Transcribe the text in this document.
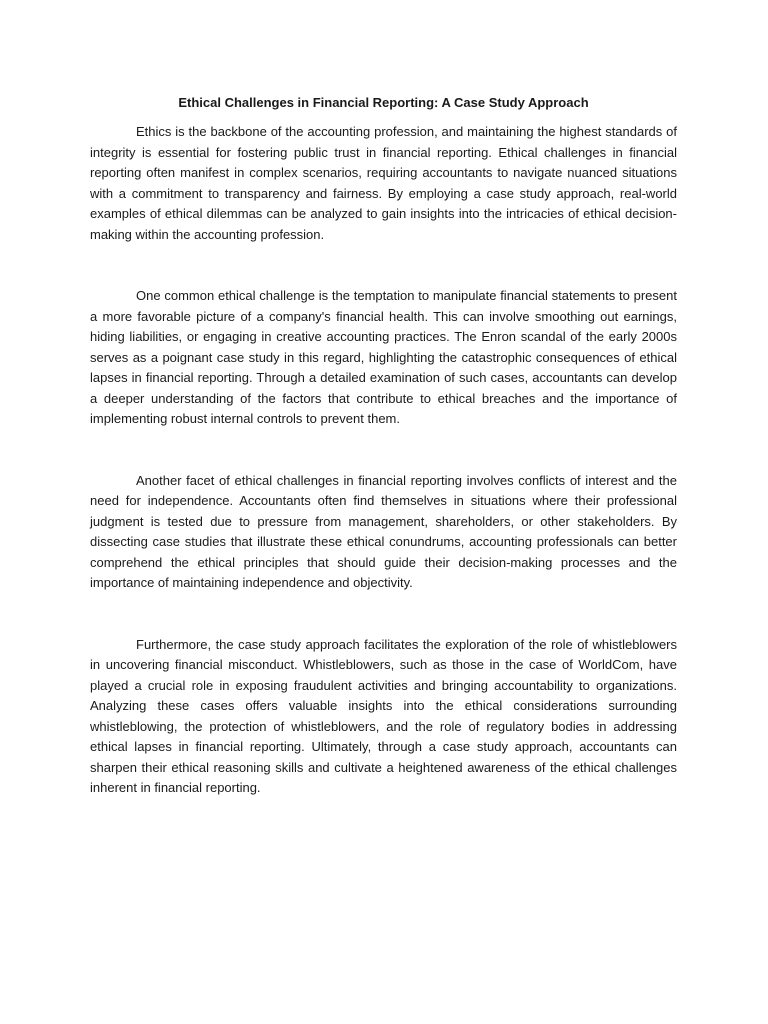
Ethical Challenges in Financial Reporting: A Case Study Approach

Ethics is the backbone of the accounting profession, and maintaining the highest standards of integrity is essential for fostering public trust in financial reporting. Ethical challenges in financial reporting often manifest in complex scenarios, requiring accountants to navigate nuanced situations with a commitment to transparency and fairness. By employing a case study approach, real-world examples of ethical dilemmas can be analyzed to gain insights into the intricacies of ethical decision-making within the accounting profession.

One common ethical challenge is the temptation to manipulate financial statements to present a more favorable picture of a company's financial health. This can involve smoothing out earnings, hiding liabilities, or engaging in creative accounting practices. The Enron scandal of the early 2000s serves as a poignant case study in this regard, highlighting the catastrophic consequences of ethical lapses in financial reporting. Through a detailed examination of such cases, accountants can develop a deeper understanding of the factors that contribute to ethical breaches and the importance of implementing robust internal controls to prevent them.

Another facet of ethical challenges in financial reporting involves conflicts of interest and the need for independence. Accountants often find themselves in situations where their professional judgment is tested due to pressure from management, shareholders, or other stakeholders. By dissecting case studies that illustrate these ethical conundrums, accounting professionals can better comprehend the ethical principles that should guide their decision-making processes and the importance of maintaining independence and objectivity.

Furthermore, the case study approach facilitates the exploration of the role of whistleblowers in uncovering financial misconduct. Whistleblowers, such as those in the case of WorldCom, have played a crucial role in exposing fraudulent activities and bringing accountability to organizations. Analyzing these cases offers valuable insights into the ethical considerations surrounding whistleblowing, the protection of whistleblowers, and the role of regulatory bodies in addressing ethical lapses in financial reporting. Ultimately, through a case study approach, accountants can sharpen their ethical reasoning skills and cultivate a heightened awareness of the ethical challenges inherent in financial reporting.
